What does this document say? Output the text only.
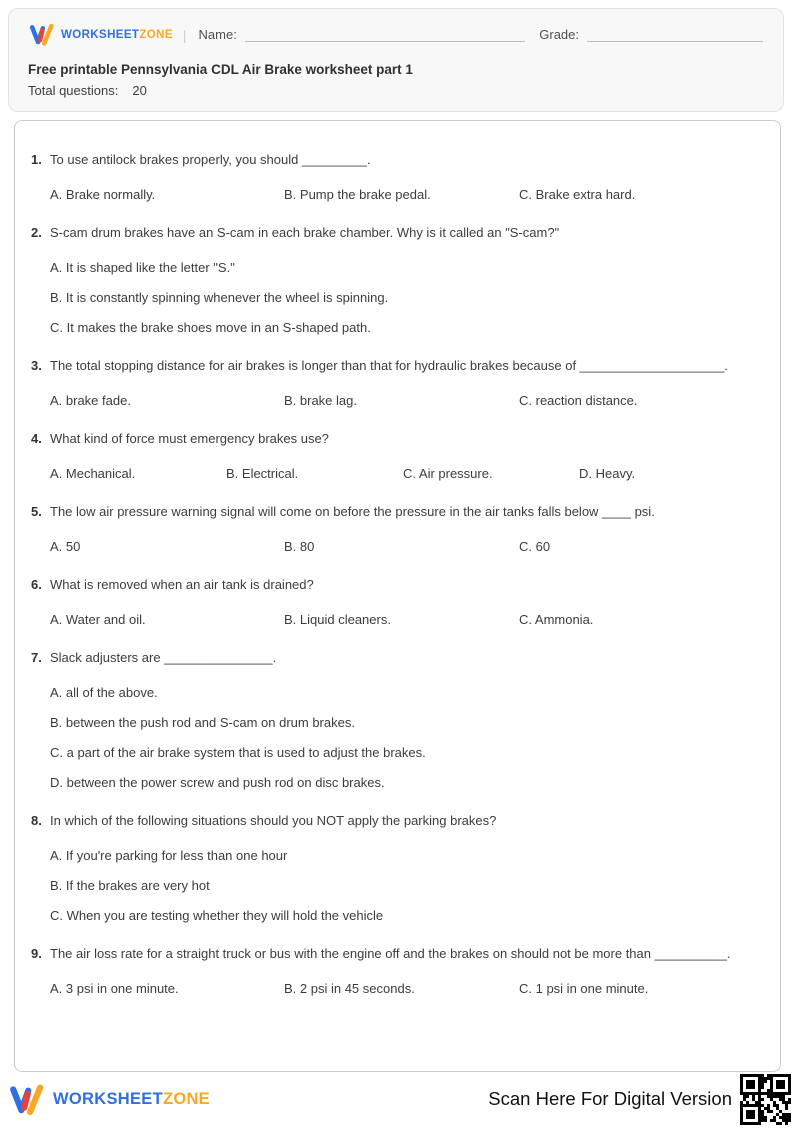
WORKSHEETZONE | Name:	Grade:
Free printable Pennsylvania CDL Air Brake worksheet part 1
Total questions: 20
1. To use antilock brakes properly, you should _________.
A. Brake normally.	B. Pump the brake pedal.	C. Brake extra hard.
2. S-cam drum brakes have an S-cam in each brake chamber. Why is it called an "S-cam?"
A. It is shaped like the letter "S."
B. It is constantly spinning whenever the wheel is spinning.
C. It makes the brake shoes move in an S-shaped path.
3. The total stopping distance for air brakes is longer than that for hydraulic brakes because of ____________________.
A. brake fade.	B. brake lag.	C. reaction distance.
4. What kind of force must emergency brakes use?
A. Mechanical.	B. Electrical.	C. Air pressure.	D. Heavy.
5. The low air pressure warning signal will come on before the pressure in the air tanks falls below ____ psi.
A. 50	B. 80	C. 60
6. What is removed when an air tank is drained?
A. Water and oil.	B. Liquid cleaners.	C. Ammonia.
7. Slack adjusters are _______________.
A. all of the above.
B. between the push rod and S-cam on drum brakes.
C. a part of the air brake system that is used to adjust the brakes.
D. between the power screw and push rod on disc brakes.
8. In which of the following situations should you NOT apply the parking brakes?
A. If you're parking for less than one hour
B. If the brakes are very hot
C. When you are testing whether they will hold the vehicle
9. The air loss rate for a straight truck or bus with the engine off and the brakes on should not be more than __________.
A. 3 psi in one minute.	B. 2 psi in 45 seconds.	C. 1 psi in one minute.
WORKSHEETZONE	Scan Here For Digital Version
